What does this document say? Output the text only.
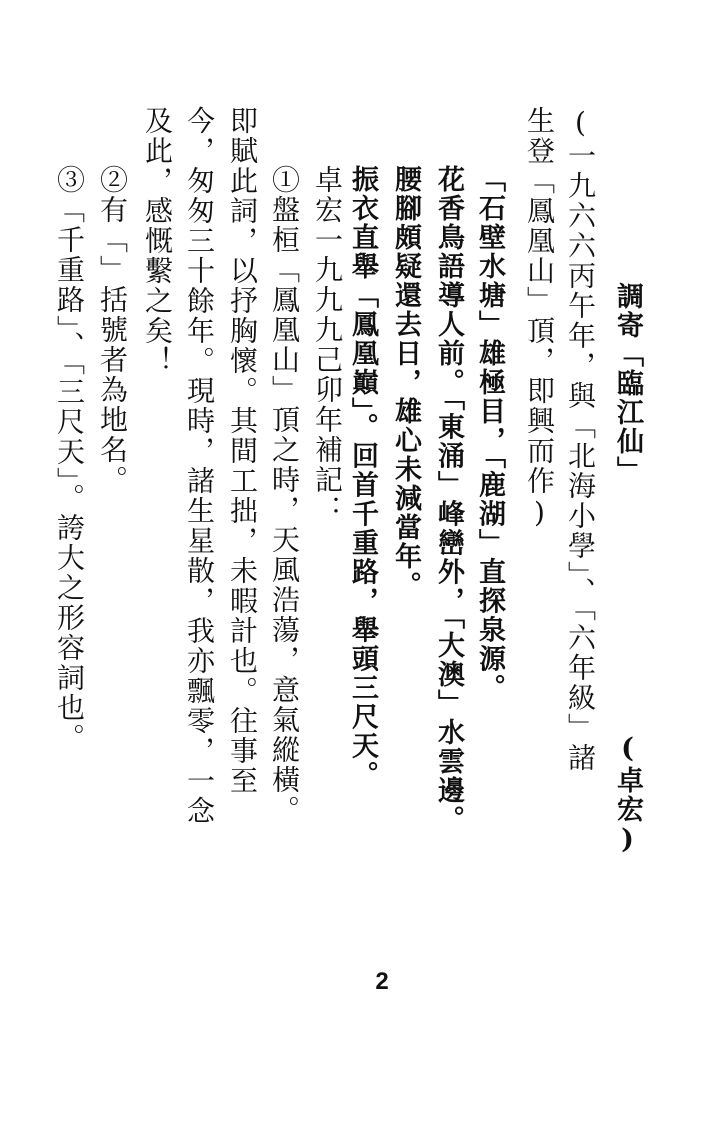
調寄「臨江仙」
(卓宏)
(一九六六丙午年，與「北海小學」、「六年級」諸
生登「鳳凰山」頂，即興而作)
「石壁水塘」雄極目，「鹿湖」直探泉源。
花香鳥語導人前。「東涌」峰巒外，「大澳」水雲邊。
腰腳頗疑還去日，雄心未減當年。
振衣直舉「鳳凰巔」。回首千重路，舉頭三尺天。
卓宏一九九九己卯年補記：
①盤桓「鳳凰山」頂之時，天風浩蕩，意氣縱橫。
即賦此詞，以抒胸懷。其間工拙，未暇計也。往事至
今，匆匆三十餘年。現時，諸生星散，我亦飄零，一念
及此，感慨繫之矣！
②有「」括號者為地名。
③「千重路」、「三尺天」。誇大之形容詞也。
2
